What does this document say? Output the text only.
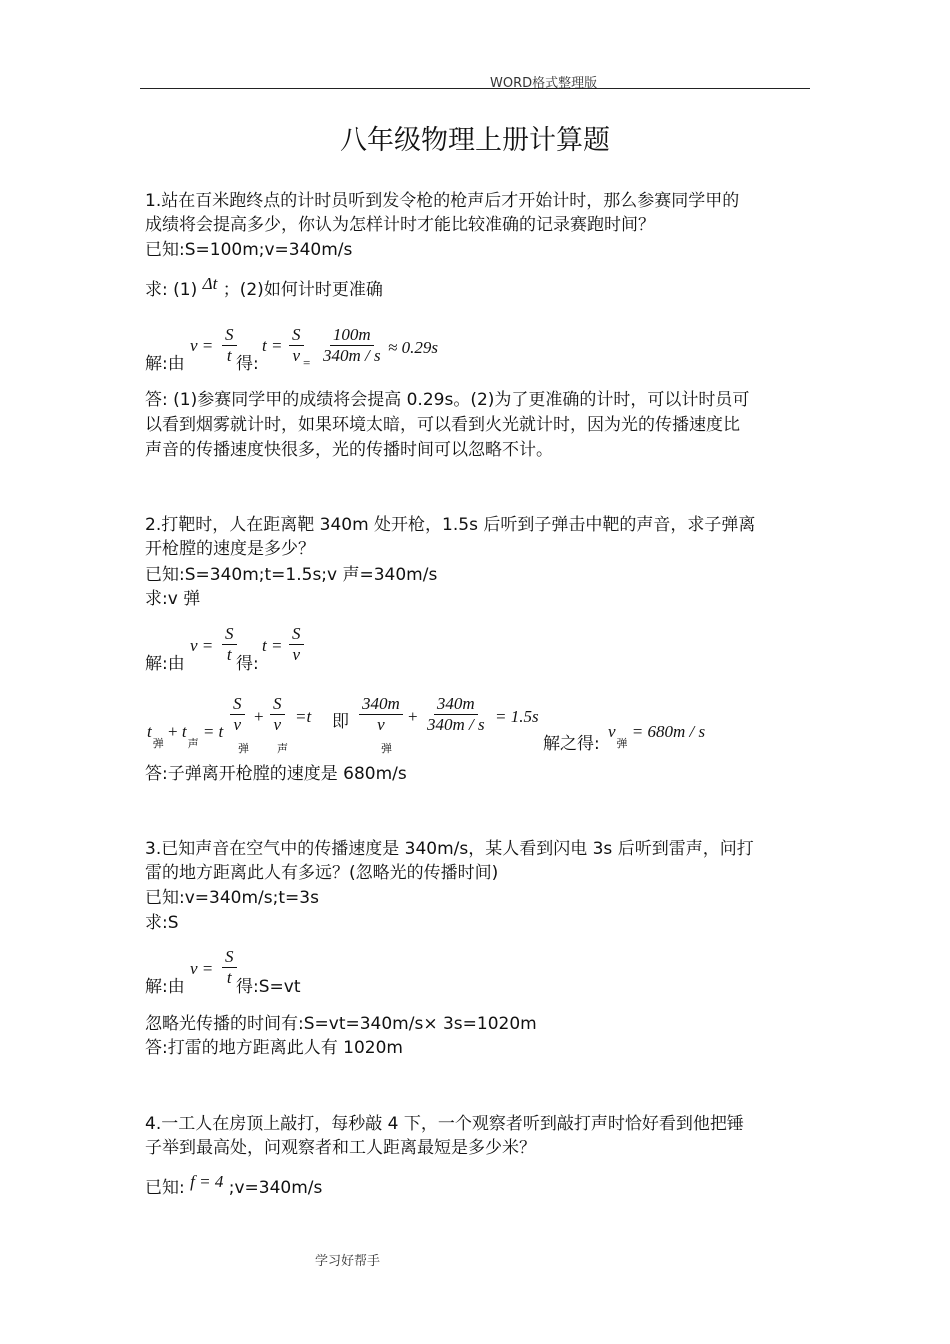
WORD格式整理版
八年级物理上册计算题
1.站在百米跑终点的计时员听到发令枪的枪声后才开始计时，那么参赛同学甲的
成绩将会提高多少，你认为怎样计时才能比较准确的记录赛跑时间？
已知:S=100m;v=340m/s
求: (1) Δt ；(2)如何计时更准确
解:由
$v = \frac{S}{t}$ 得:
$t = \frac{S}{v} = \frac{100m}{340m / s} \approx 0.29s$
答: (1)参赛同学甲的成绩将会提高 0.29s。(2)为了更准确的计时，可以计时员可
以看到烟雾就计时，如果环境太暗，可以看到火光就计时，因为光的传播速度比
声音的传播速度快很多，光的传播时间可以忽略不计。
2.打靶时，人在距离靶 340m 处开枪，1.5s 后听到子弹击中靶的声音，求子弹离
开枪膛的速度是多少？
已知:S=340m;t=1.5s;v 声=340m/s
求:v 弹
解:由
$v = \frac{S}{t}$ 得:
$t = \frac{S}{v}$
$t_弹 + t_声 = t \frac{S}{v}$
弹
+ $\frac{S}{v}$
声
=t 即 $\frac{340m}{v}$
弹
+ $\frac{340m}{340m / s} = 1.5s$
解之得:
$v_弹 = 680m / s$
答:子弹离开枪膛的速度是 680m/s
3.已知声音在空气中的传播速度是 340m/s，某人看到闪电 3s 后听到雷声，问打
雷的地方距离此人有多远？(忽略光的传播时间)
已知:v=340m/s;t=3s
求:S
解:由
$v = \frac{S}{t}$ 得:S=vt
忽略光传播的时间有:S=vt=340m/s× 3s=1020m
答:打雷的地方距离此人有 1020m
4.一工人在房顶上敲打，每秒敲 4 下，一个观察者听到敲打声时恰好看到他把锤
子举到最高处，问观察者和工人距离最短是多少米？
已知: f = 4 ;v=340m/s
学习好帮手
